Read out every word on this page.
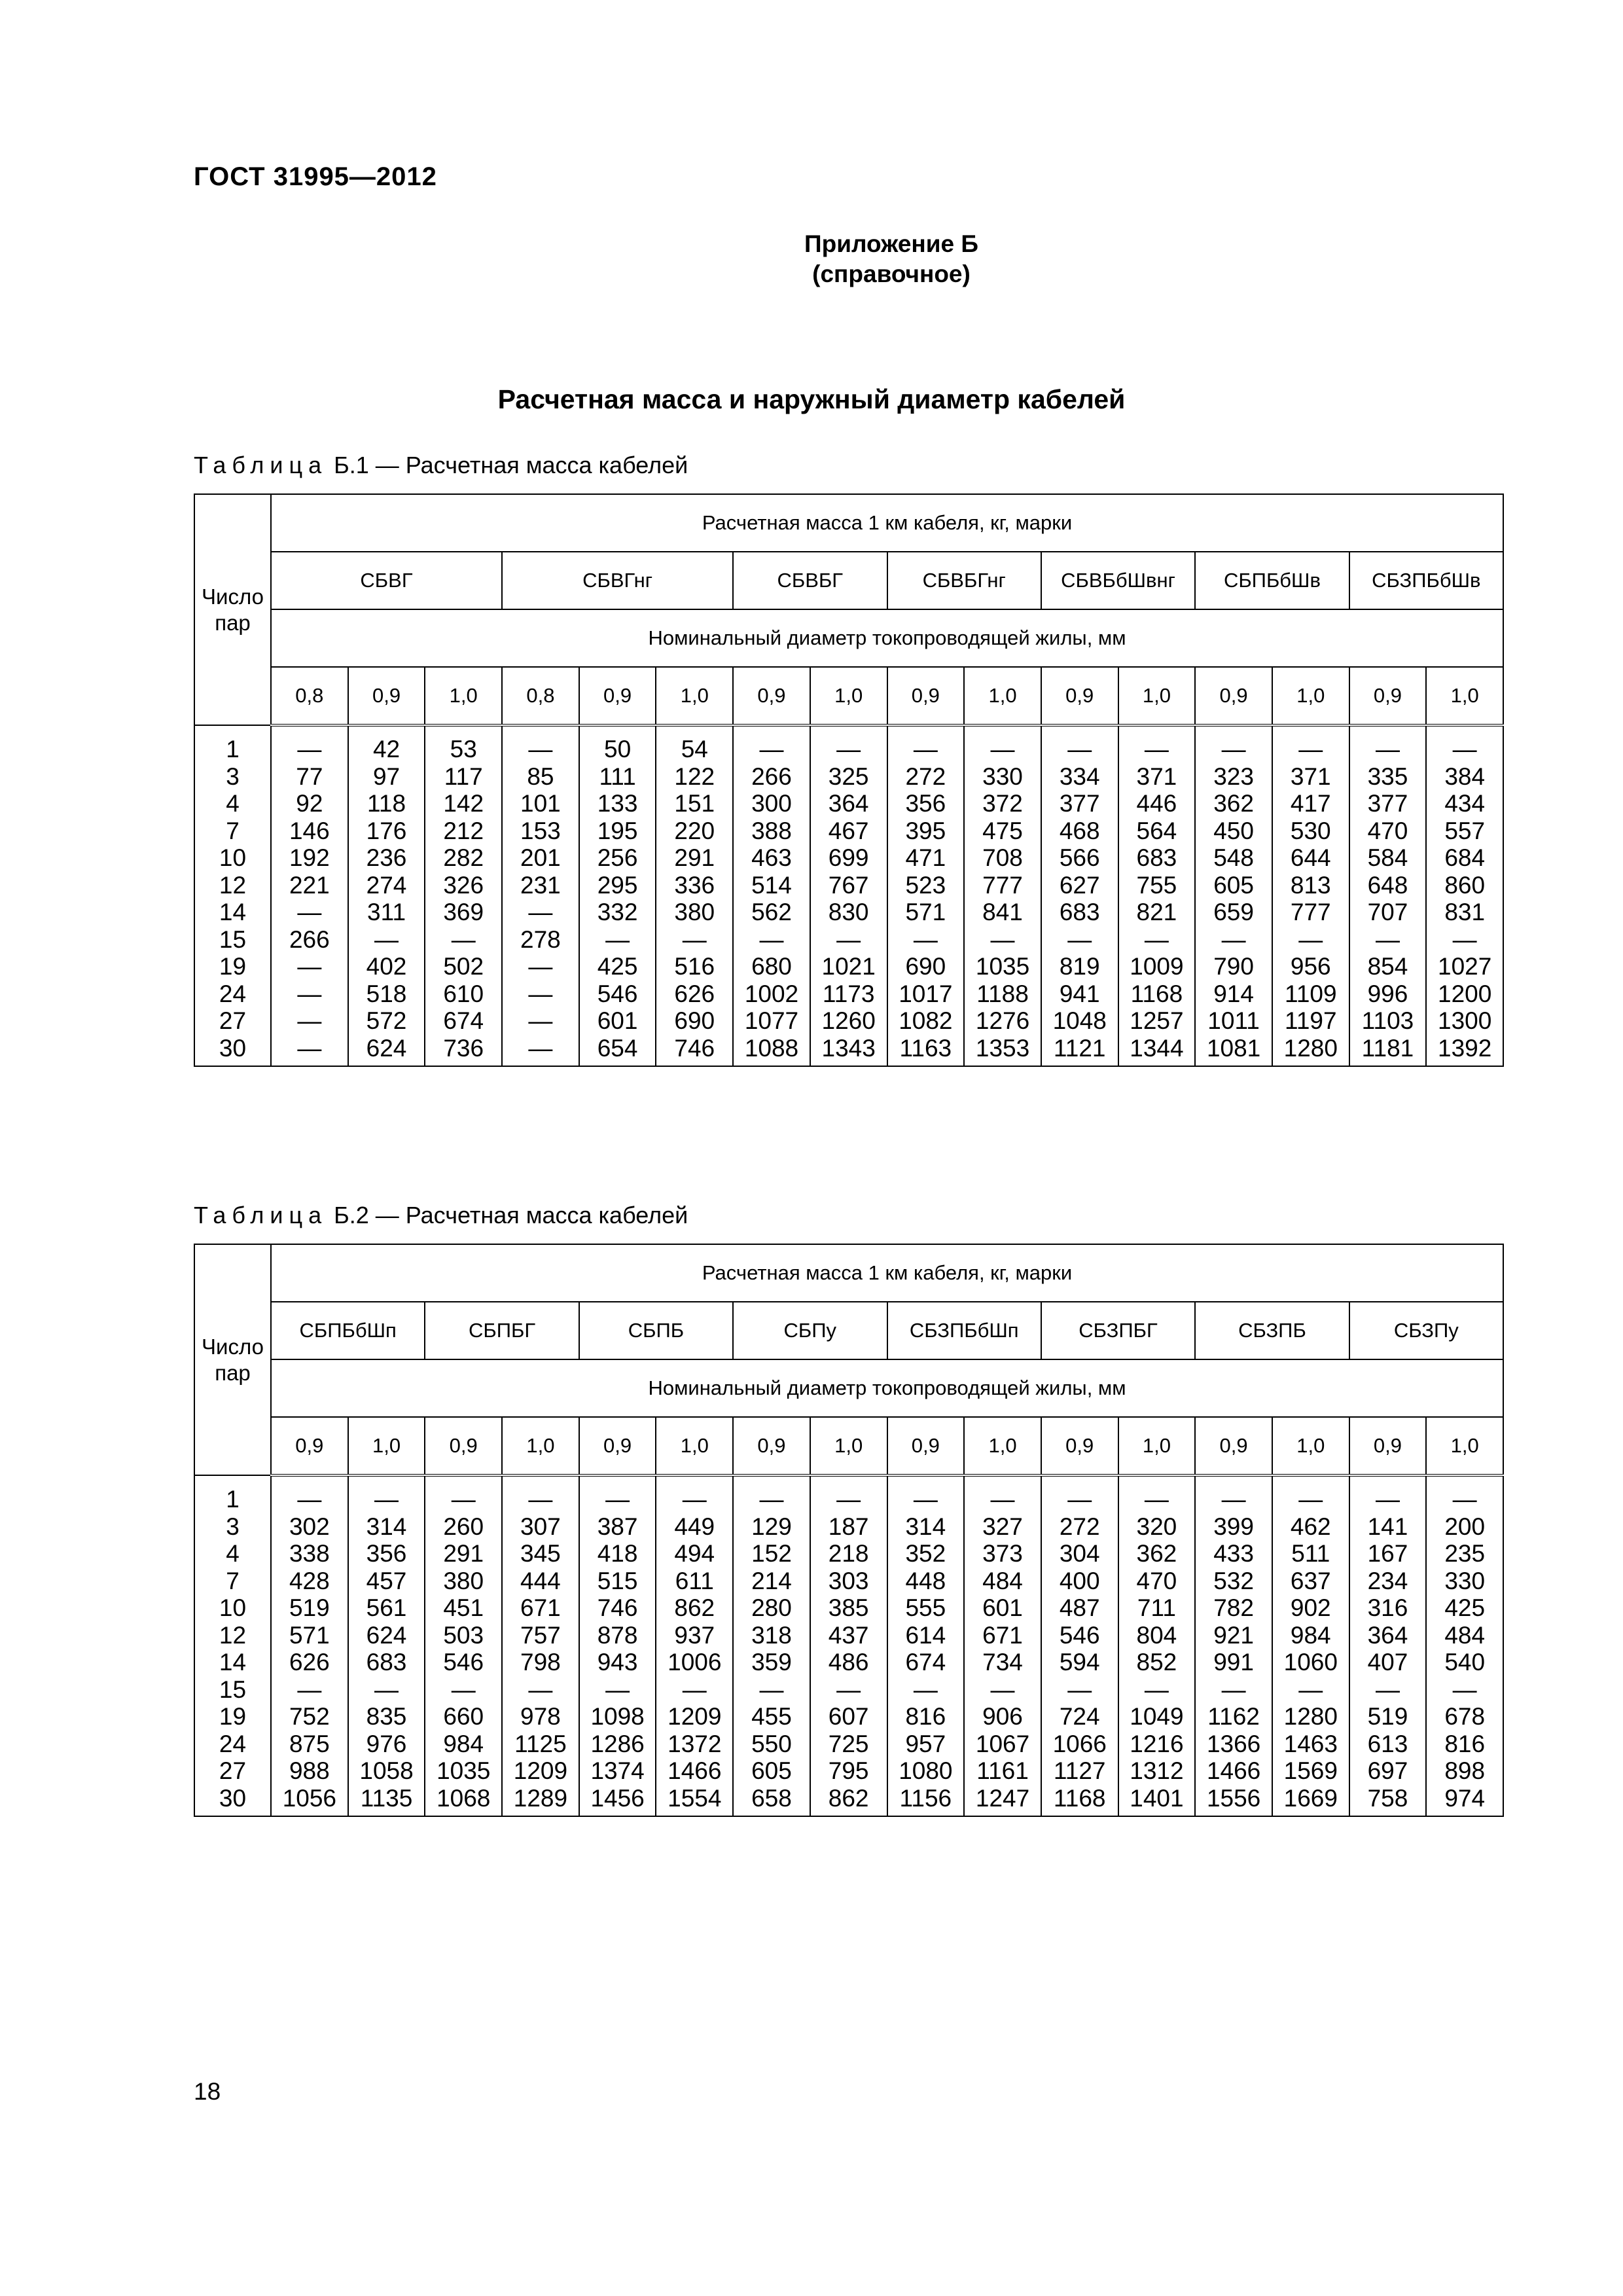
ГОСТ 31995—2012
Приложение Б
(справочное)
Расчетная масса и наружный диаметр кабелей
Таблица Б.1 — Расчетная масса кабелей
Число пар	Расчетная масса 1 км кабеля, кг, марки															
	СБВГ			СБВГнг			СБВБГ		СБВБГнг		СБВБбШвнг		СБПБбШв		СБЗПБбШв	
	Номинальный диаметр токопроводящей жилы, мм															
	0,8	0,9	1,0	0,8	0,9	1,0	0,9	1,0	0,9	1,0	0,9	1,0	0,9	1,0	0,9	1,0
1	—	42	53	—	50	54	—	—	—	—	—	—	—	—	—	—
3	77	97	117	85	111	122	266	325	272	330	334	371	323	371	335	384
4	92	118	142	101	133	151	300	364	356	372	377	446	362	417	377	434
7	146	176	212	153	195	220	388	467	395	475	468	564	450	530	470	557
10	192	236	282	201	256	291	463	699	471	708	566	683	548	644	584	684
12	221	274	326	231	295	336	514	767	523	777	627	755	605	813	648	860
14	—	311	369	—	332	380	562	830	571	841	683	821	659	777	707	831
15	266	—	—	278	—	—	—	—	—	—	—	—	—	—	—	—
19	—	402	502	—	425	516	680	1021	690	1035	819	1009	790	956	854	1027
24	—	518	610	—	546	626	1002	1173	1017	1188	941	1168	914	1109	996	1200
27	—	572	674	—	601	690	1077	1260	1082	1276	1048	1257	1011	1197	1103	1300
30	—	624	736	—	654	746	1088	1343	1163	1353	1121	1344	1081	1280	1181	1392
Таблица Б.2 — Расчетная масса кабелей
Число пар	Расчетная масса 1 км кабеля, кг, марки															
	СБПБбШп		СБПБГ		СБПБ		СБПу		СБЗПБбШп		СБЗПБГ		СБЗПБ		СБЗПу	
	Номинальный диаметр токопроводящей жилы, мм															
	0,9	1,0	0,9	1,0	0,9	1,0	0,9	1,0	0,9	1,0	0,9	1,0	0,9	1,0	0,9	1,0
1	—	—	—	—	—	—	—	—	—	—	—	—	—	—	—	—
3	302	314	260	307	387	449	129	187	314	327	272	320	399	462	141	200
4	338	356	291	345	418	494	152	218	352	373	304	362	433	511	167	235
7	428	457	380	444	515	611	214	303	448	484	400	470	532	637	234	330
10	519	561	451	671	746	862	280	385	555	601	487	711	782	902	316	425
12	571	624	503	757	878	937	318	437	614	671	546	804	921	984	364	484
14	626	683	546	798	943	1006	359	486	674	734	594	852	991	1060	407	540
15	—	—	—	—	—	—	—	—	—	—	—	—	—	—	—	—
19	752	835	660	978	1098	1209	455	607	816	906	724	1049	1162	1280	519	678
24	875	976	984	1125	1286	1372	550	725	957	1067	1066	1216	1366	1463	613	816
27	988	1058	1035	1209	1374	1466	605	795	1080	1161	1127	1312	1466	1569	697	898
30	1056	1135	1068	1289	1456	1554	658	862	1156	1247	1168	1401	1556	1669	758	974
18
